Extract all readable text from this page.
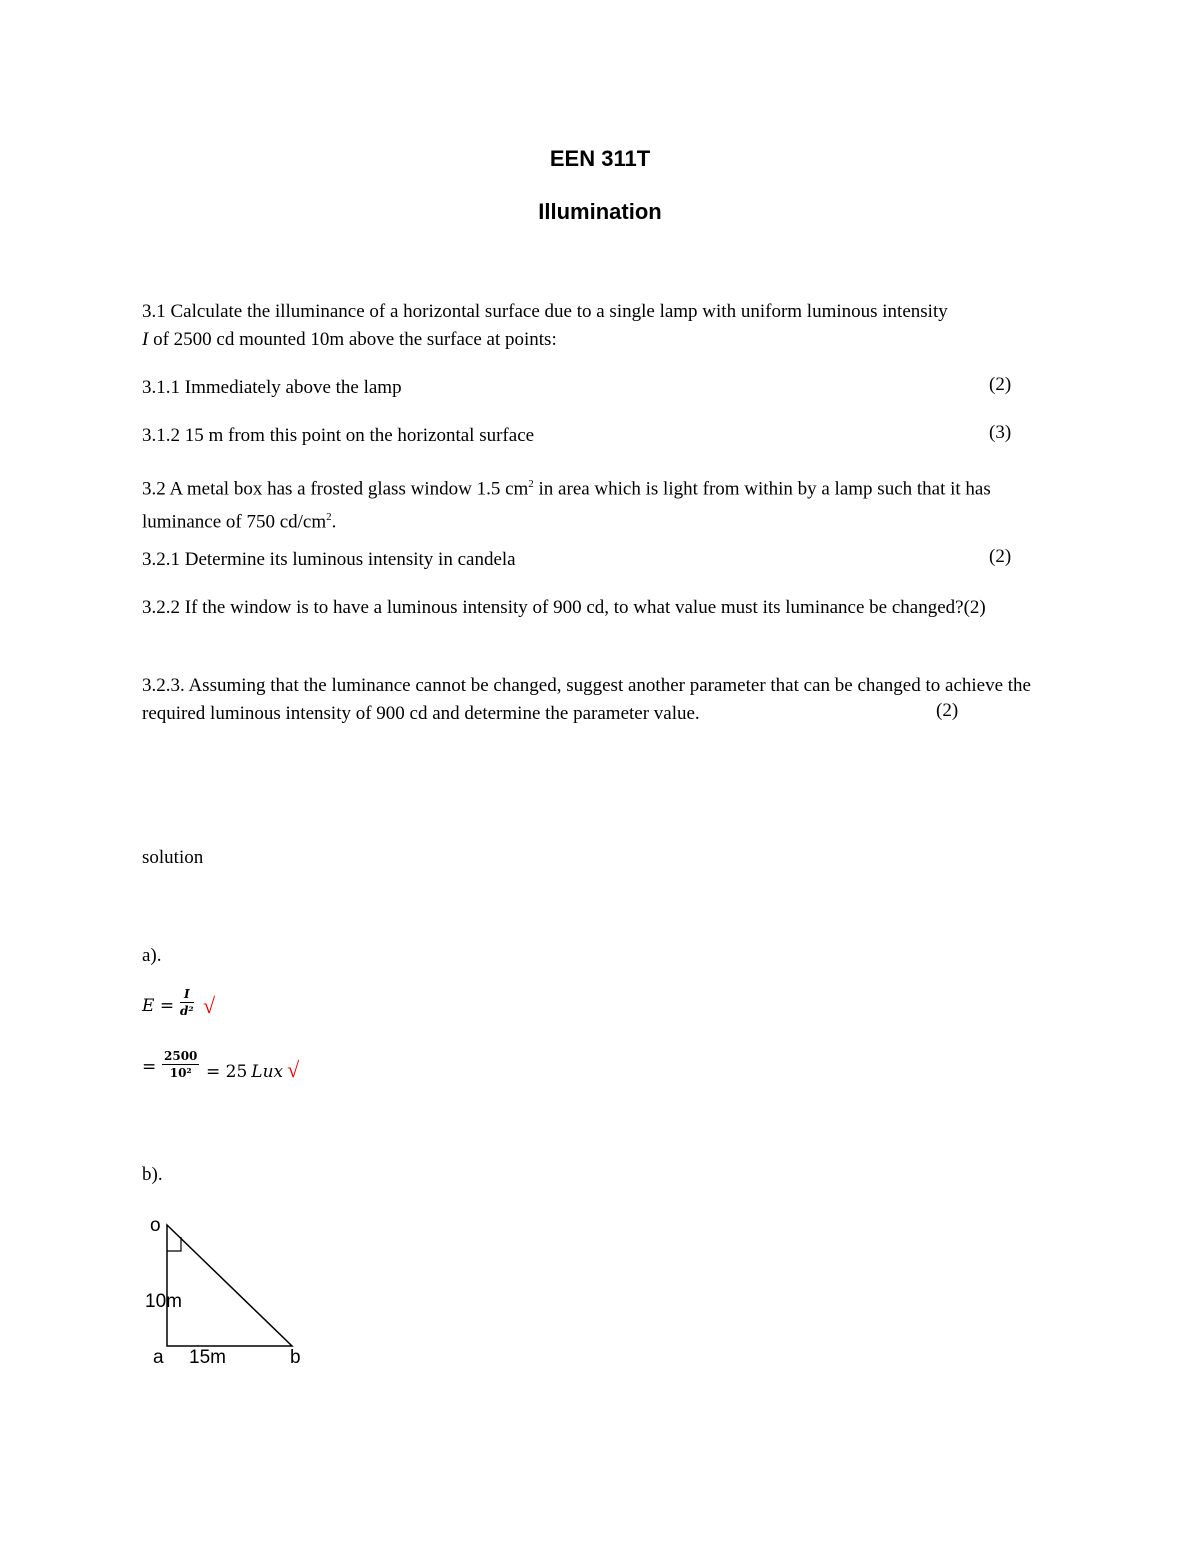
EEN 311T
Illumination

3.1 Calculate the illuminance of a horizontal surface due to a single lamp with uniform luminous intensity
I of 2500 cd mounted 10m above the surface at points:

3.1.1 Immediately above the lamp	(2)

3.1.2 15 m from this point on the horizontal surface	(3)

3.2 A metal box has a frosted glass window 1.5 $cm^2$ in area which is light from within by a lamp such that it has luminance of 750 $cd/cm^2$.

3.2.1 Determine its luminous intensity in candela	(2)

3.2.2 If the window is to have a luminous intensity of 900 cd, to what value must its luminance be changed?(2)

3.2.3. Assuming that the luminance cannot be changed, suggest another parameter that can be changed to achieve the required luminous intensity of 900 cd and determine the parameter value.	(2)

solution

a).

$E = \frac{I}{\text{d²}}$ √
= $\frac{2500}{\text{10²}} = 25$ Lux √

b).

o
10m
a 15m	b
